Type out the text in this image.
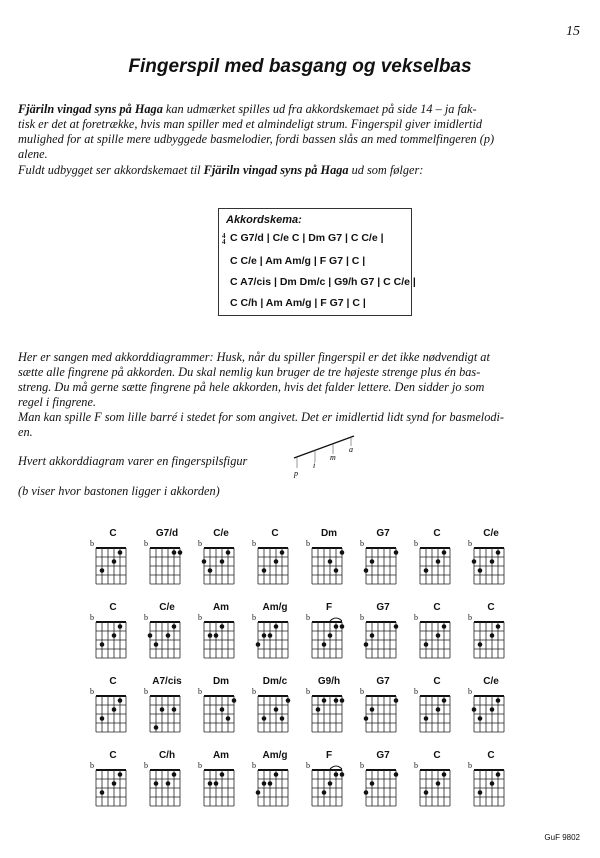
15
Fingerspil med basgang og vekselbas
Fjäriln vingad syns på Haga kan udmærket spilles ud fra akkordskemaet på side 14 – ja fak-
tisk er det at foretrække, hvis man spiller med et almindeligt strum. Fingerspil giver imidlertid
mulighed for at spille mere udbyggede basmelodier, fordi bassen slås an med tommelfingeren (p)
alene.
Fuldt udbygget ser akkordskemaet til Fjäriln vingad syns på Haga ud som følger:
Akkordskema:
4
4 C G7/d | C/e C | Dm G7 | C C/e |
C C/e | Am Am/g | F G7 | C |
C A7/cis | Dm Dm/c | G9/h G7 | C C/e |
C C/h | Am Am/g | F G7 | C |
Her er sangen med akkorddiagrammer: Husk, når du spiller fingerspil er det ikke nødvendigt at
sætte alle fingrene på akkorden. Du skal nemlig kun bruger de tre højeste strenge plus én bas-
streng. Du må gerne sætte fingrene på hele akkorden, hvis det falder lettere. Den sidder jo som
regel i fingrene.
Man kan spille F som lille barré i stedet for som angivet. Det er imidlertid lidt synd for basmelodi-
en.
Hvert akkorddiagram varer en fingerspilsfigur
p
i
m
a
(b viser hvor bastonen ligger i akkorden)
C
b
G7/d
b
C/e
b
C
b
Dm
b
G7
b
C
b
C/e
b
C
b
C/e
b
Am
b
Am/g
b
F
b
G7
b
C
b
C
b
C
b
A7/cis
b
Dm
b
Dm/c
b
G9/h
b
G7
b
C
b
C/e
b
C
b
C/h
b
Am
b
Am/g
b
F
b
G7
b
C
b
C
b
GuF 9802
